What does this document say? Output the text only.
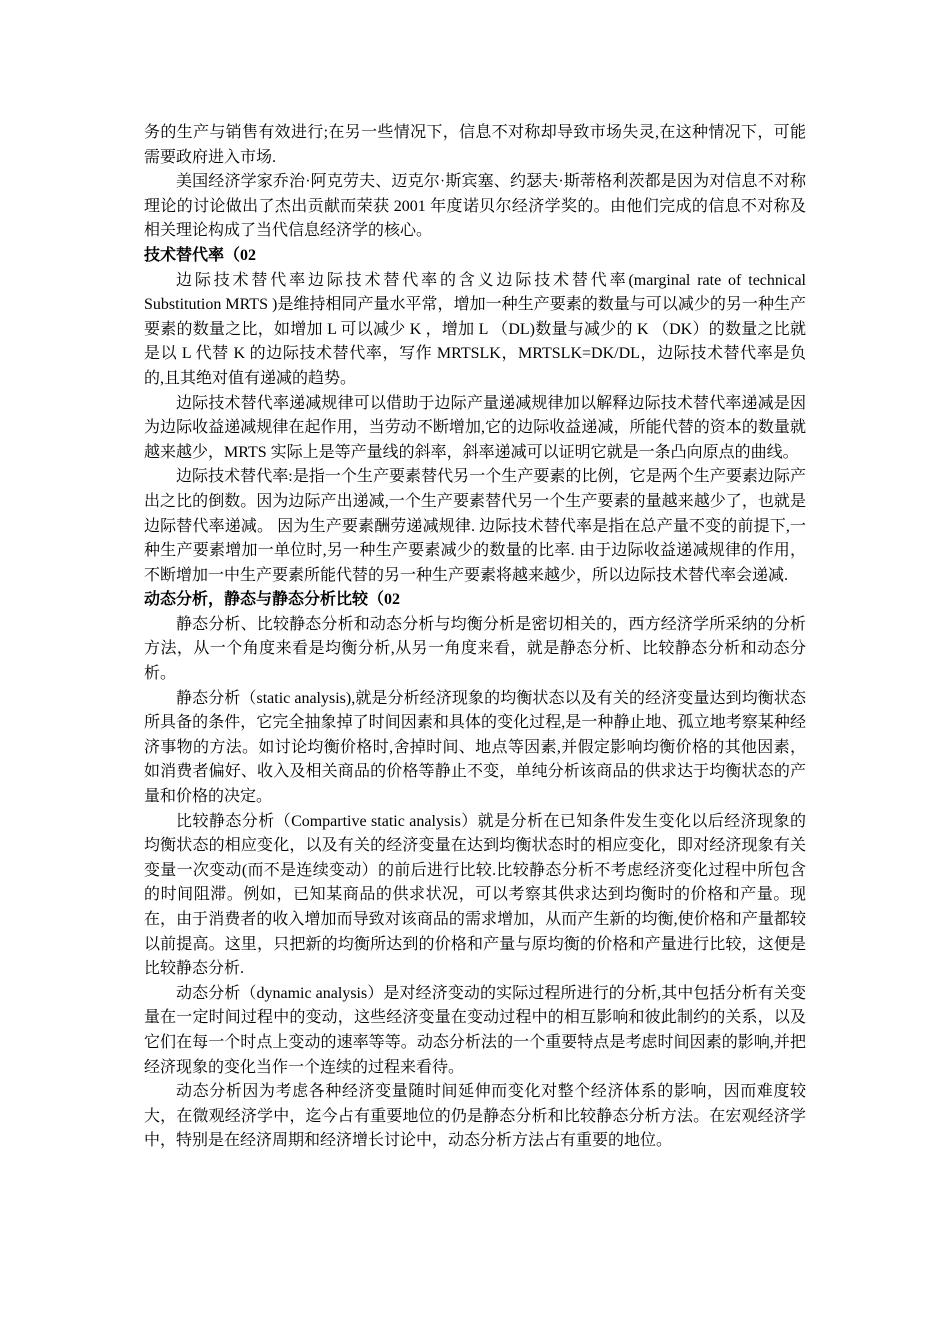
务的生产与销售有效进行;在另一些情况下，信息不对称却导致市场失灵,在这种情况下，可能需要政府进入市场.

美国经济学家乔治·阿克劳夫、迈克尔·斯宾塞、约瑟夫·斯蒂格利茨都是因为对信息不对称理论的讨论做出了杰出贡献而荣获 2001 年度诺贝尔经济学奖的。由他们完成的信息不对称及相关理论构成了当代信息经济学的核心。

技术替代率（02

边际技术替代率边际技术替代率的含义边际技术替代率(marginal rate of technical Substitution MRTS )是维持相同产量水平常，增加一种生产要素的数量与可以减少的另一种生产要素的数量之比，如增加 L 可以减少 K ，增加 L （DL)数量与减少的 K （DK）的数量之比就是以 L 代替 K 的边际技术替代率，写作 MRTSLK，MRTSLK=DK/DL，边际技术替代率是负的,且其绝对值有递减的趋势。

边际技术替代率递减规律可以借助于边际产量递减规律加以解释边际技术替代率递减是因为边际收益递减规律在起作用，当劳动不断增加,它的边际收益递减，所能代替的资本的数量就越来越少，MRTS 实际上是等产量线的斜率，斜率递减可以证明它就是一条凸向原点的曲线。

边际技术替代率:是指一个生产要素替代另一个生产要素的比例，它是两个生产要素边际产出之比的倒数。因为边际产出递减,一个生产要素替代另一个生产要素的量越来越少了，也就是边际替代率递减。 因为生产要素酬劳递减规律. 边际技术替代率是指在总产量不变的前提下,一种生产要素增加一单位时,另一种生产要素减少的数量的比率. 由于边际收益递减规律的作用，不断增加一中生产要素所能代替的另一种生产要素将越来越少，所以边际技术替代率会递减.

动态分析，静态与静态分析比较（02

静态分析、比较静态分析和动态分析与均衡分析是密切相关的，西方经济学所采纳的分析方法，从一个角度来看是均衡分析,从另一角度来看，就是静态分析、比较静态分析和动态分析。

静态分析（static analysis),就是分析经济现象的均衡状态以及有关的经济变量达到均衡状态所具备的条件，它完全抽象掉了时间因素和具体的变化过程,是一种静止地、孤立地考察某种经济事物的方法。如讨论均衡价格时,舍掉时间、地点等因素,并假定影响均衡价格的其他因素，如消费者偏好、收入及相关商品的价格等静止不变，单纯分析该商品的供求达于均衡状态的产量和价格的决定。

比较静态分析（Compartive static analysis）就是分析在已知条件发生变化以后经济现象的均衡状态的相应变化，以及有关的经济变量在达到均衡状态时的相应变化，即对经济现象有关变量一次变动(而不是连续变动）的前后进行比较.比较静态分析不考虑经济变化过程中所包含的时间阻滞。例如，已知某商品的供求状况，可以考察其供求达到均衡时的价格和产量。现在，由于消费者的收入增加而导致对该商品的需求增加，从而产生新的均衡,使价格和产量都较以前提高。这里，只把新的均衡所达到的价格和产量与原均衡的价格和产量进行比较，这便是比较静态分析.

动态分析（dynamic analysis）是对经济变动的实际过程所进行的分析,其中包括分析有关变量在一定时间过程中的变动，这些经济变量在变动过程中的相互影响和彼此制约的关系，以及它们在每一个时点上变动的速率等等。动态分析法的一个重要特点是考虑时间因素的影响,并把经济现象的变化当作一个连续的过程来看待。

动态分析因为考虑各种经济变量随时间延伸而变化对整个经济体系的影响，因而难度较大，在微观经济学中，迄今占有重要地位的仍是静态分析和比较静态分析方法。在宏观经济学中，特别是在经济周期和经济增长讨论中，动态分析方法占有重要的地位。
